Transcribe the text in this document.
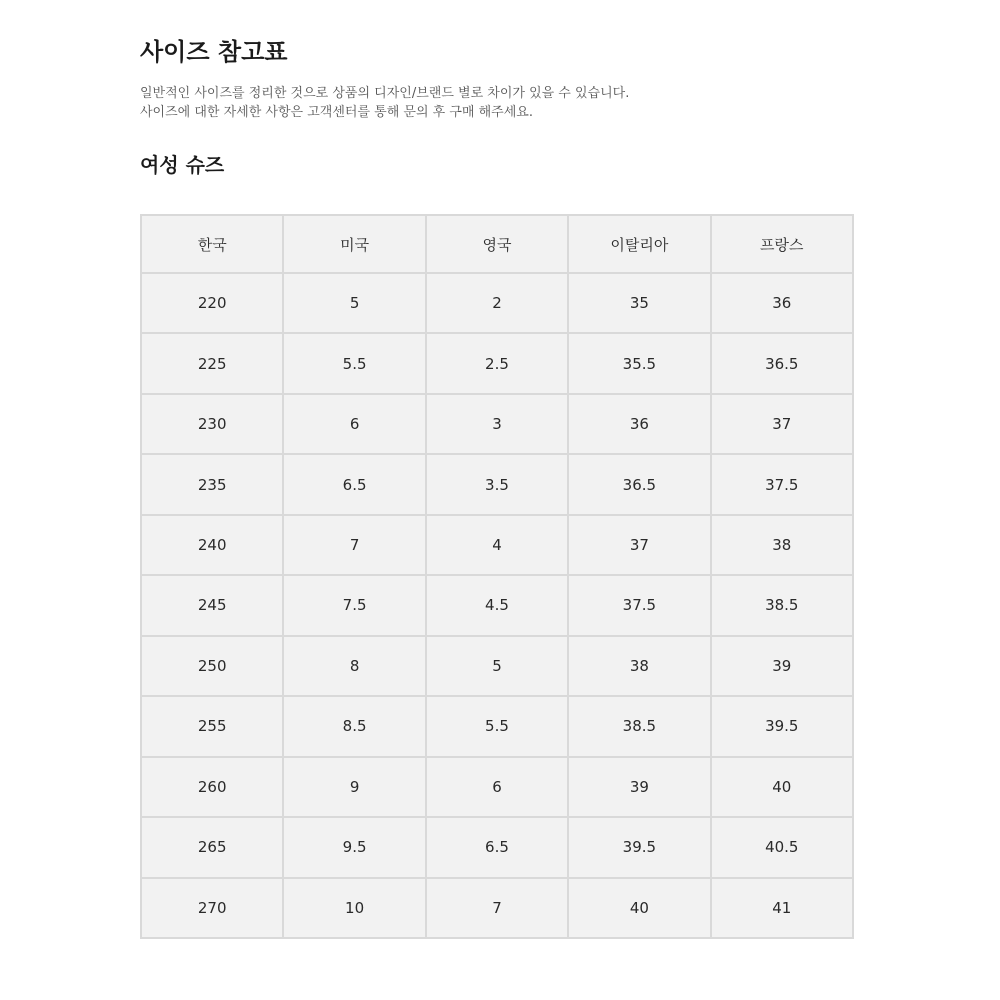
사이즈 참고표

일반적인 사이즈를 정리한 것으로 상품의 디자인/브랜드 별로 차이가 있을 수 있습니다.

사이즈에 대한 자세한 사항은 고객센터를 통해 문의 후 구매 해주세요.

여성 슈즈
한국	미국	영국	이탈리아	프랑스
220	5	2	35	36
225	5.5	2.5	35.5	36.5
230	6	3	36	37
235	6.5	3.5	36.5	37.5
240	7	4	37	38
245	7.5	4.5	37.5	38.5
250	8	5	38	39
255	8.5	5.5	38.5	39.5
260	9	6	39	40
265	9.5	6.5	39.5	40.5
270	10	7	40	41
